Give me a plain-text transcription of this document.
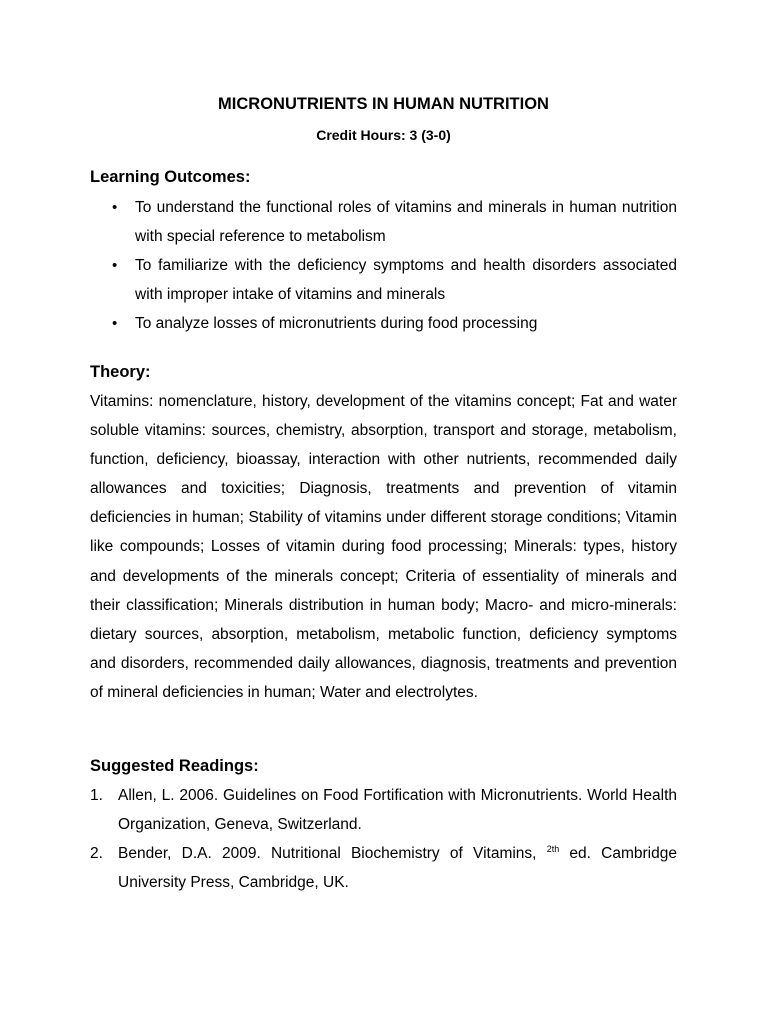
MICRONUTRIENTS IN HUMAN NUTRITION
Credit Hours: 3 (3-0)
Learning Outcomes:
• To understand the functional roles of vitamins and minerals in human nutrition with special reference to metabolism
• To familiarize with the deficiency symptoms and health disorders associated with improper intake of vitamins and minerals
• To analyze losses of micronutrients during food processing
Theory:

Vitamins: nomenclature, history, development of the vitamins concept; Fat and water soluble vitamins: sources, chemistry, absorption, transport and storage, metabolism, function, deficiency, bioassay, interaction with other nutrients, recommended daily allowances and toxicities; Diagnosis, treatments and prevention of vitamin deficiencies in human; Stability of vitamins under different storage conditions; Vitamin like compounds; Losses of vitamin during food processing; Minerals: types, history and developments of the minerals concept; Criteria of essentiality of minerals and their classification; Minerals distribution in human body; Macro- and micro-minerals: dietary sources, absorption, metabolism, metabolic function, deficiency symptoms and disorders, recommended daily allowances, diagnosis, treatments and prevention of mineral deficiencies in human; Water and electrolytes.

Suggested Readings:
1. Allen, L. 2006. Guidelines on Food Fortification with Micronutrients. World Health Organization, Geneva, Switzerland.
2. Bender, D.A. 2009. Nutritional Biochemistry of Vitamins, $^{2th}$ ed. Cambridge University Press, Cambridge, UK.
